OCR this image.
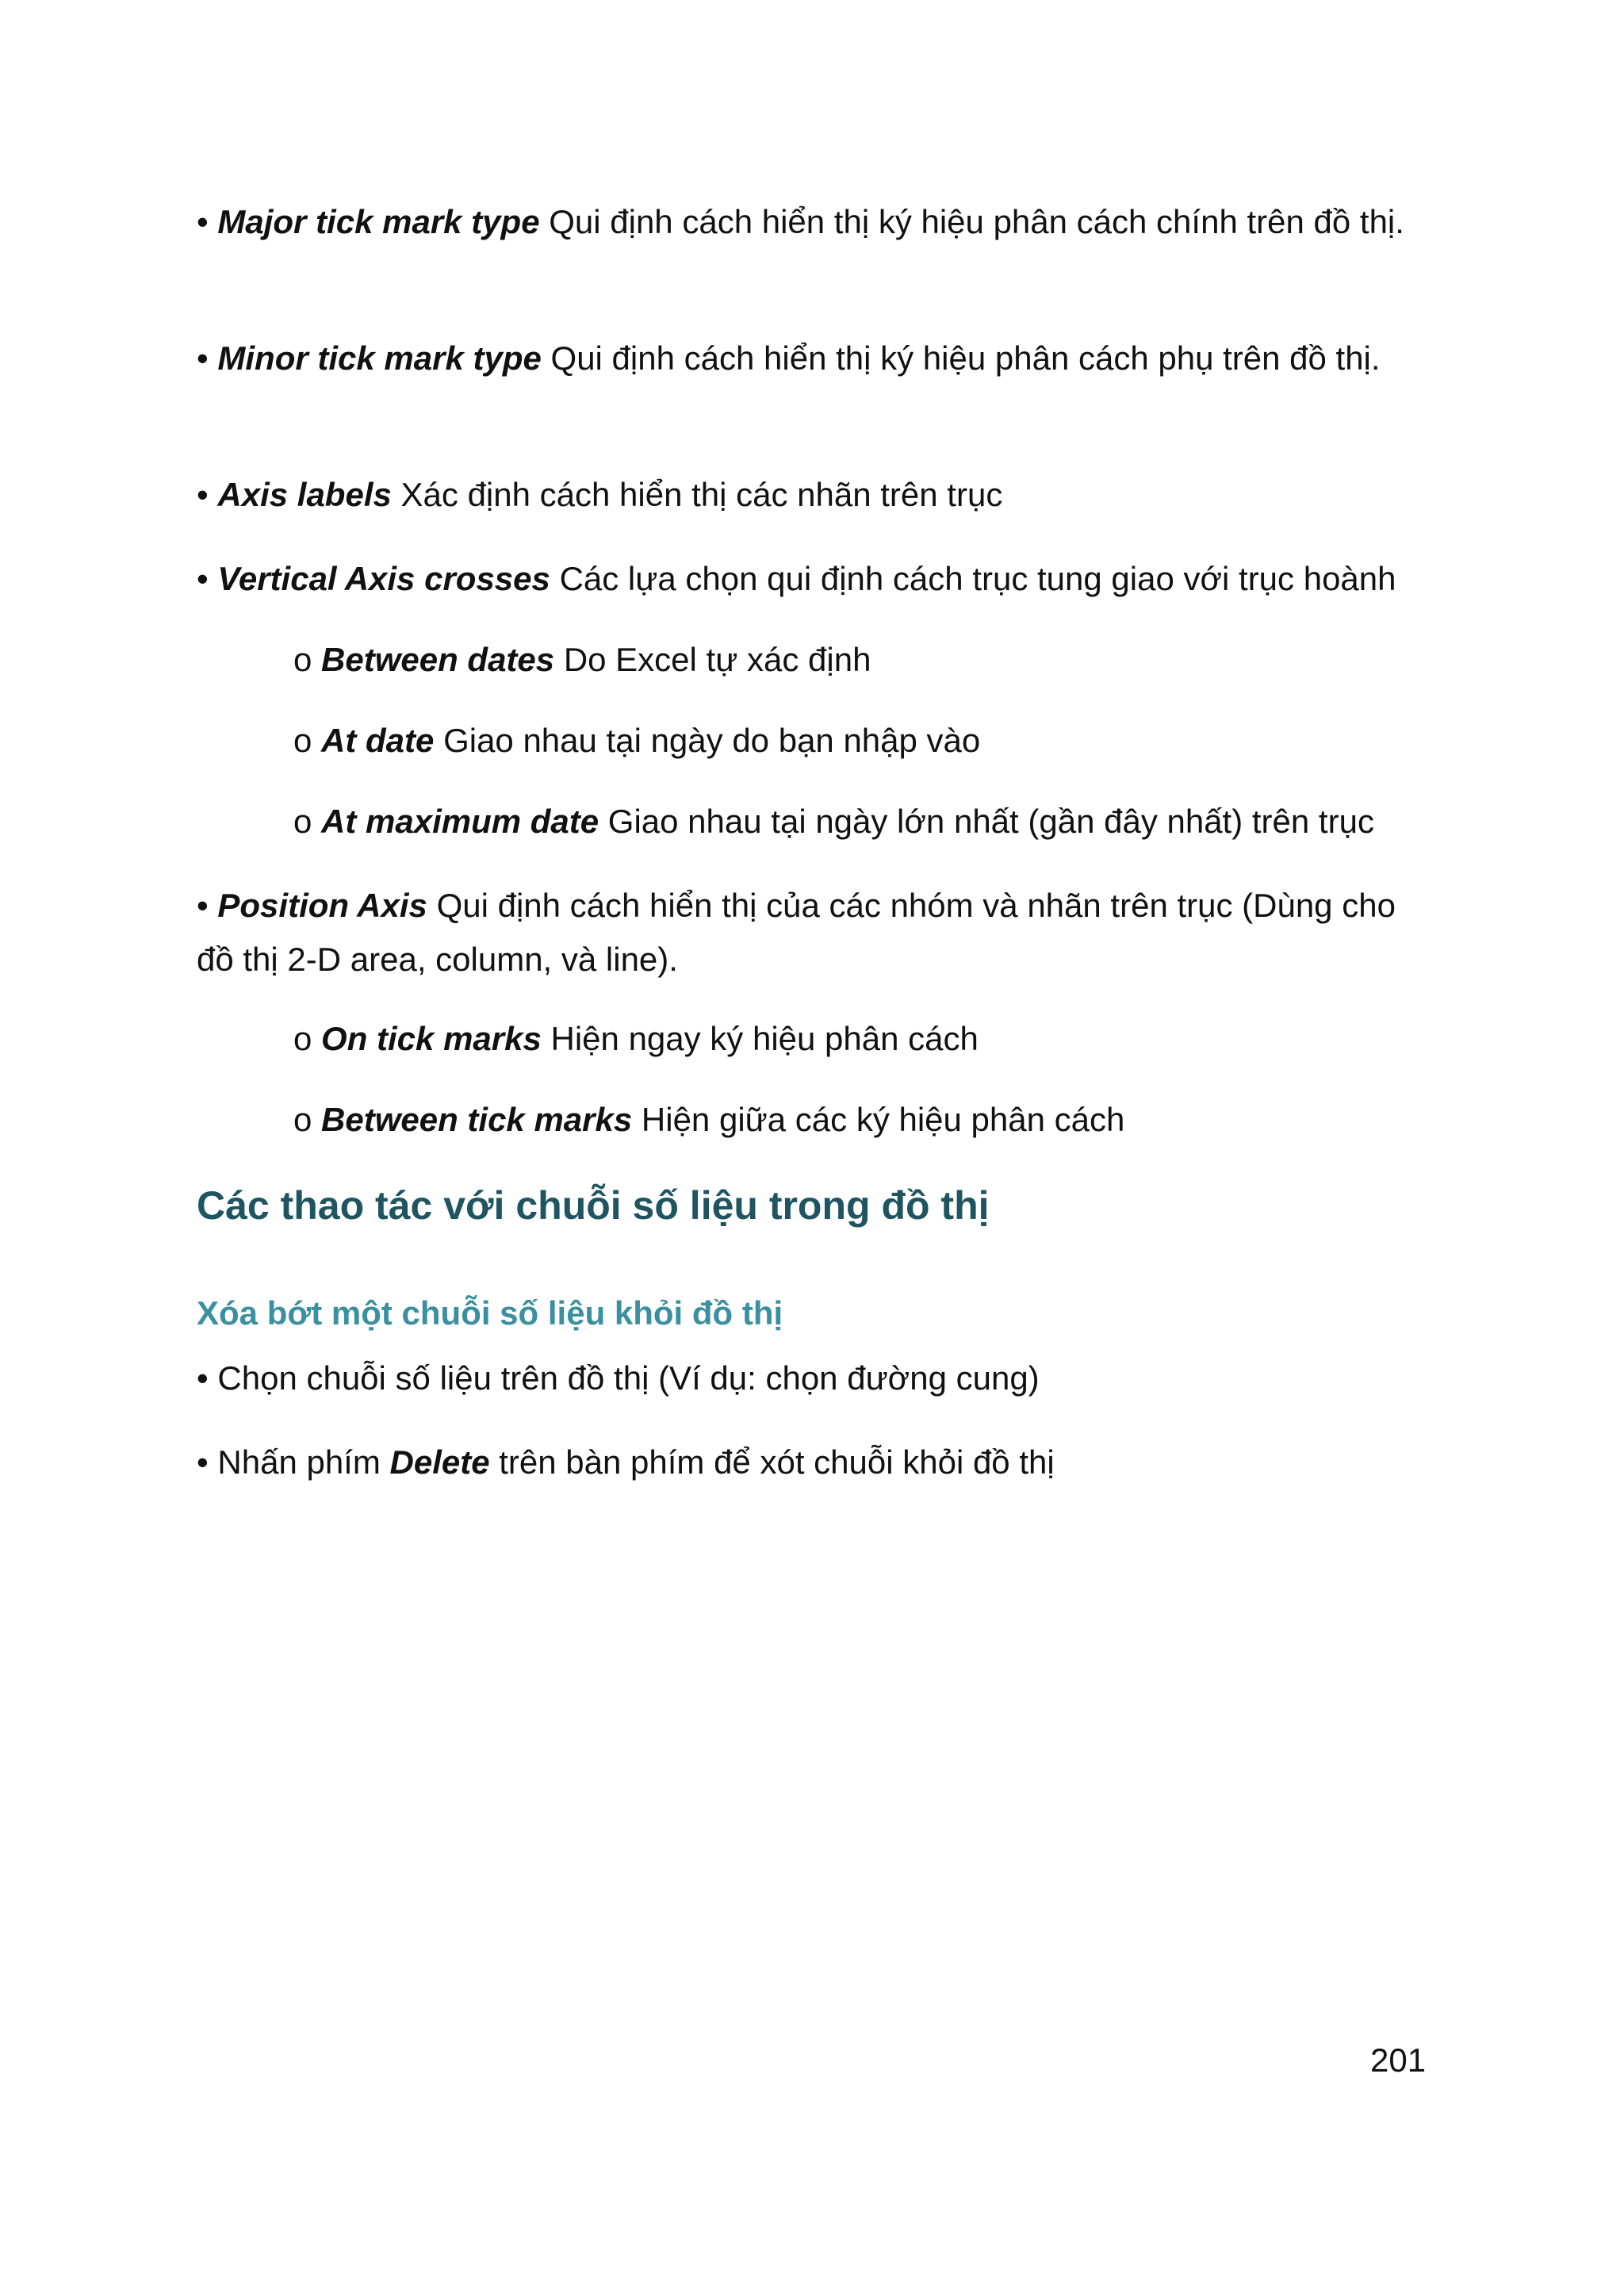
• Major tick mark type Qui định cách hiển thị ký hiệu phân cách chính trên đồ thị.
• Minor tick mark type Qui định cách hiển thị ký hiệu phân cách phụ trên đồ thị.
• Axis labels Xác định cách hiển thị các nhãn trên trục
• Vertical Axis crosses Các lựa chọn qui định cách trục tung giao với trục hoành
o Between dates Do Excel tự xác định
o At date Giao nhau tại ngày do bạn nhập vào
o At maximum date Giao nhau tại ngày lớn nhất (gần đây nhất) trên trục
• Position Axis Qui định cách hiển thị của các nhóm và nhãn trên trục (Dùng cho đồ thị 2-D area, column, và line).
o On tick marks Hiện ngay ký hiệu phân cách
o Between tick marks Hiện giữa các ký hiệu phân cách
Các thao tác với chuỗi số liệu trong đồ thị
Xóa bớt một chuỗi số liệu khỏi đồ thị
• Chọn chuỗi số liệu trên đồ thị (Ví dụ: chọn đường cung)
• Nhấn phím Delete trên bàn phím để xót chuỗi khỏi đồ thị
201
